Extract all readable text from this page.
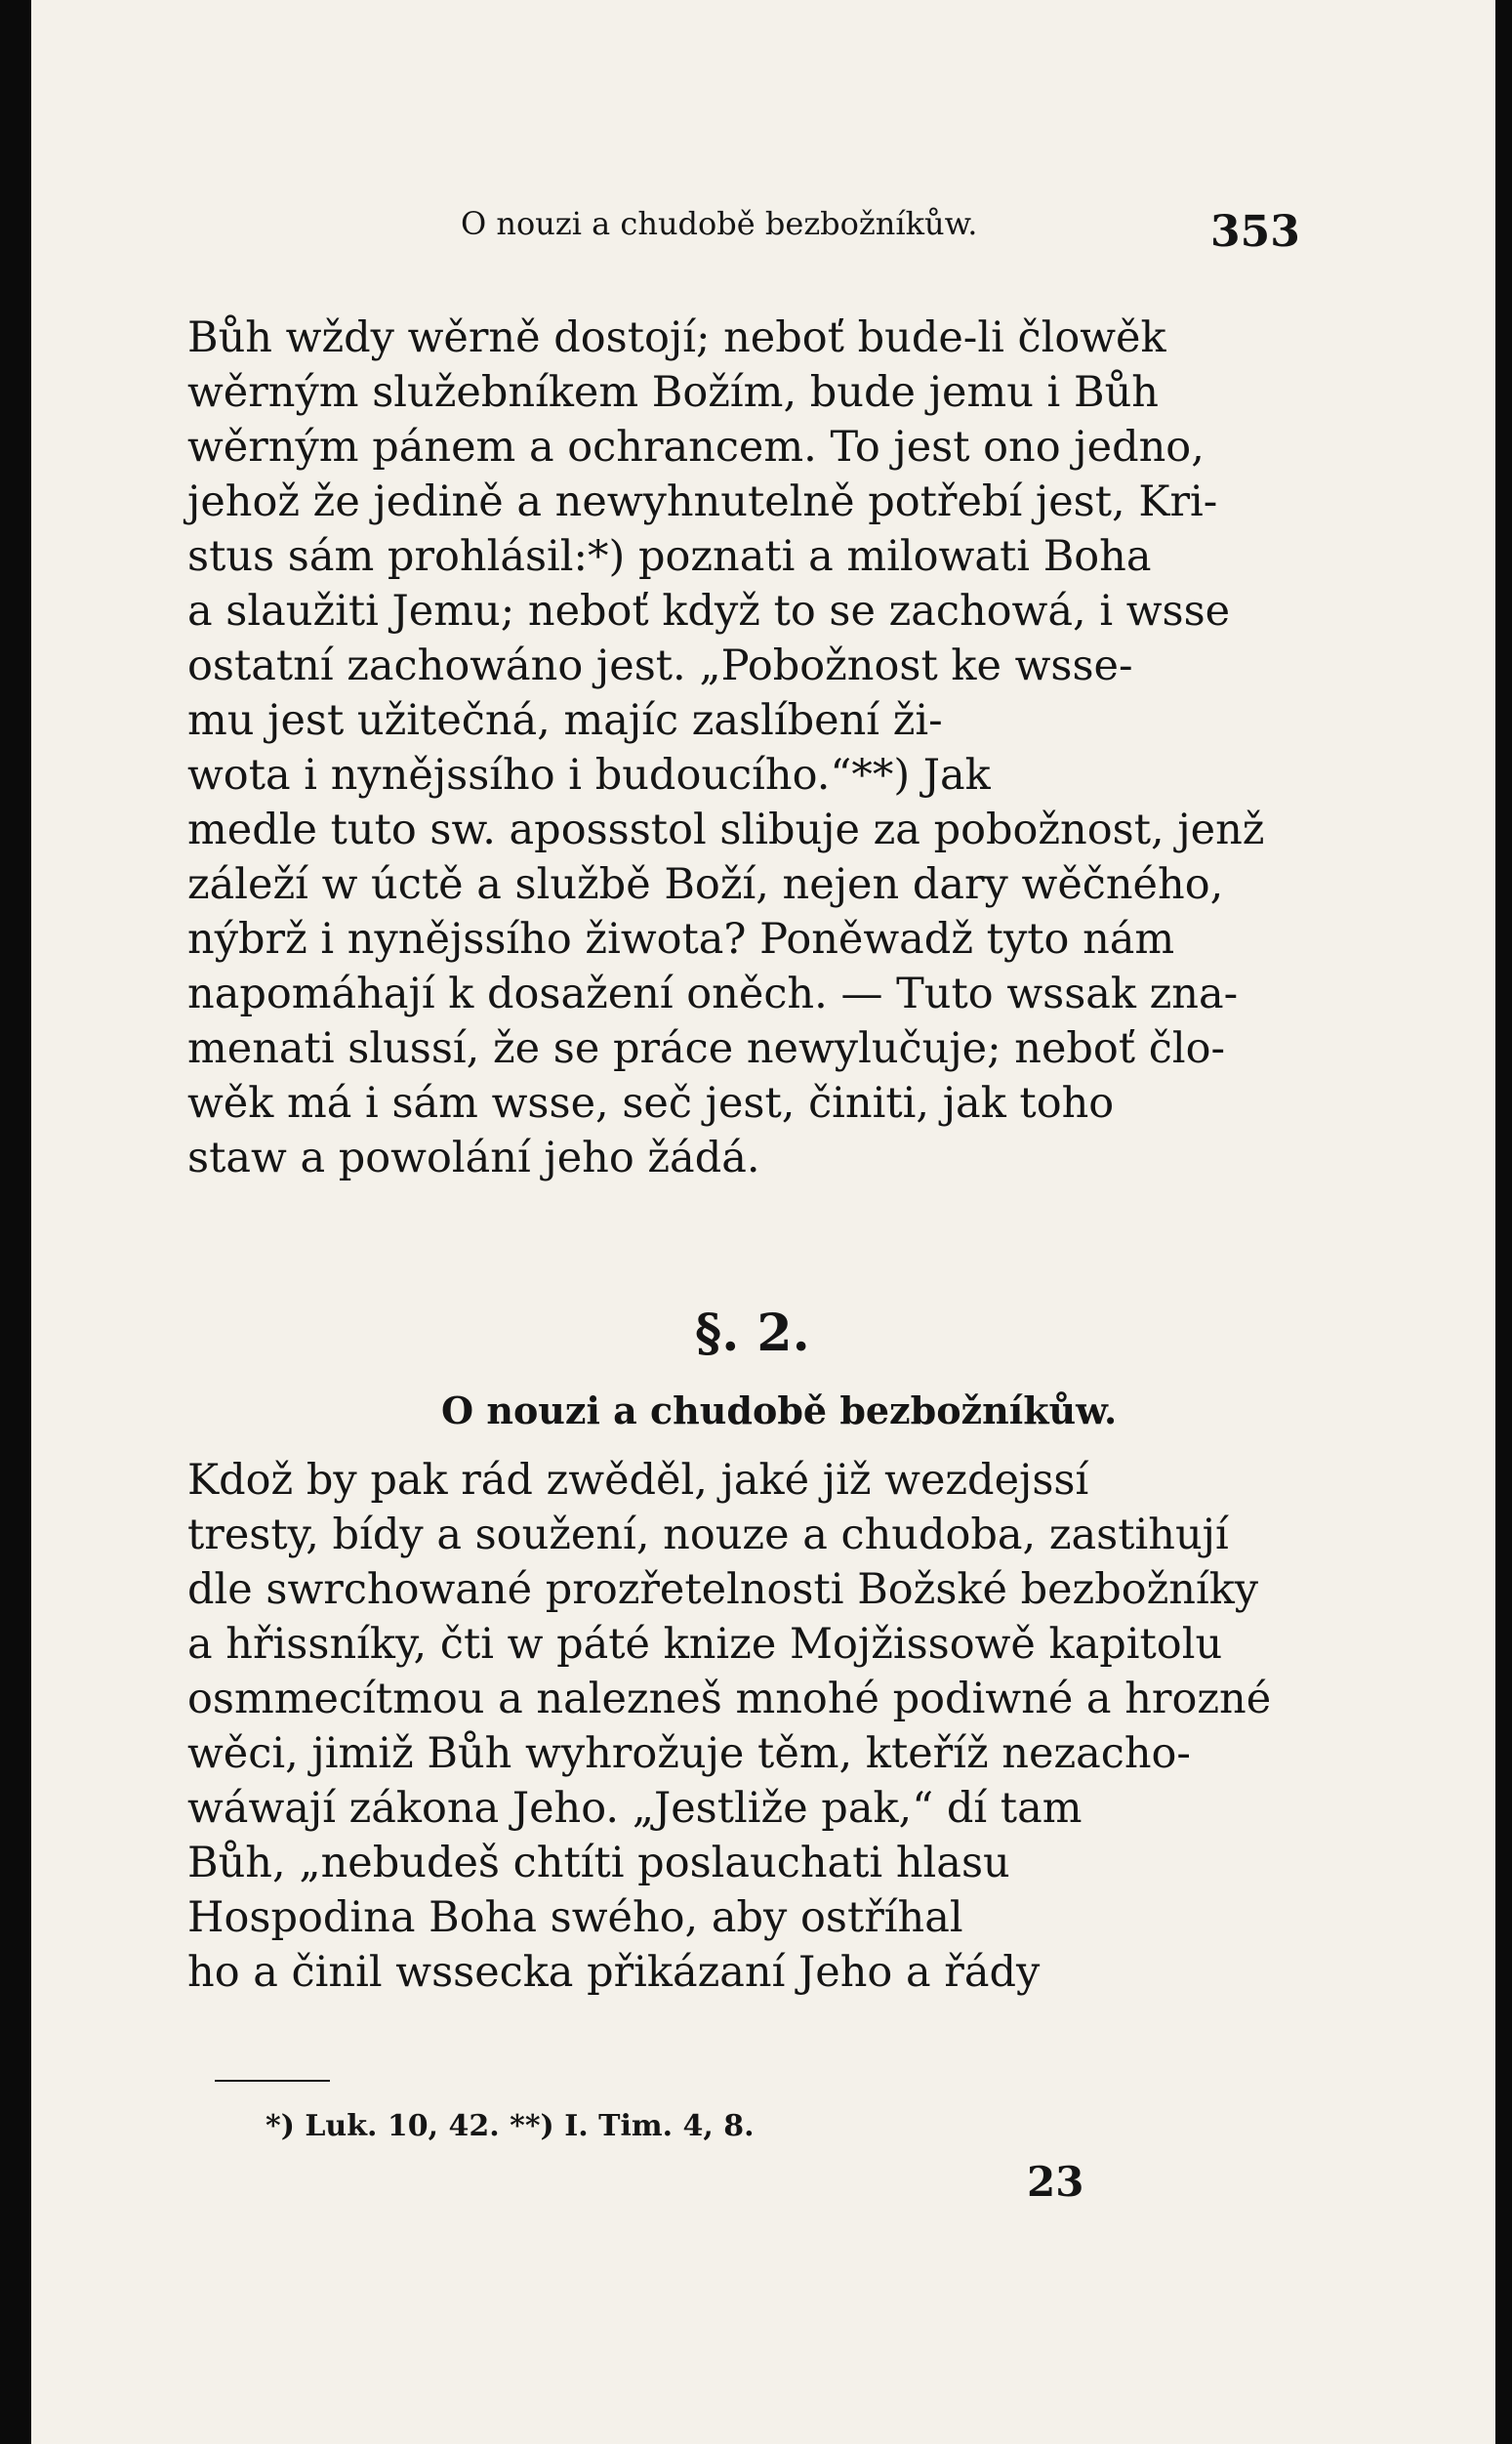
O nouzi a chudobě bezbožníkůw.	353
Bůh wždy wěrně dostojí; neboť bude-li člowěk
wěrným služebníkem Božím, bude jemu i Bůh
wěrným pánem a ochrancem. To jest ono jedno,
jehož že jedině a newyhnutelně potřebí jest, Kri-
stus sám prohlásil:*) poznati a milowati Boha
a slaužiti Jemu; neboť když to se zachowá, i wsse
ostatní zachowáno jest. „Pobožnost ke wsse-
mu jest užitečná, majíc zaslíbení ži-
wota i nynějssího i budoucího.“**) Jak
medle tuto sw. apossstol slibuje za pobožnost, jenž
záleží w úctě a službě Boží, nejen dary wěčného,
nýbrž i nynějssího žiwota? Poněwadž tyto nám
napomáhají k dosažení oněch. — Tuto wssak zna-
menati slussí, že se práce newylučuje; neboť člo-
wěk má i sám wsse, seč jest, činiti, jak toho
staw a powolání jeho žádá.
§. 2.
O nouzi a chudobě bezbožníkůw.
Kdož by pak rád zwěděl, jaké již wezdejssí
tresty, bídy a soužení, nouze a chudoba, zastihují
dle swrchowané prozřetelnosti Božské bezbožníky
a hřissníky, čti w páté knize Mojžissowě kapitolu
osmmecítmou a nalezneš mnohé podiwné a hrozné
wěci, jimiž Bůh wyhrožuje těm, kteříž nezacho-
wáwají zákona Jeho. „Jestliže pak,“ dí tam
Bůh, „nebudeš chtíti poslauchati hlasu
Hospodina Boha swého, aby ostříhal
ho a činil wssecka přikázaní Jeho a řády
*) Luk. 10, 42. **) I. Tim. 4, 8.
23
